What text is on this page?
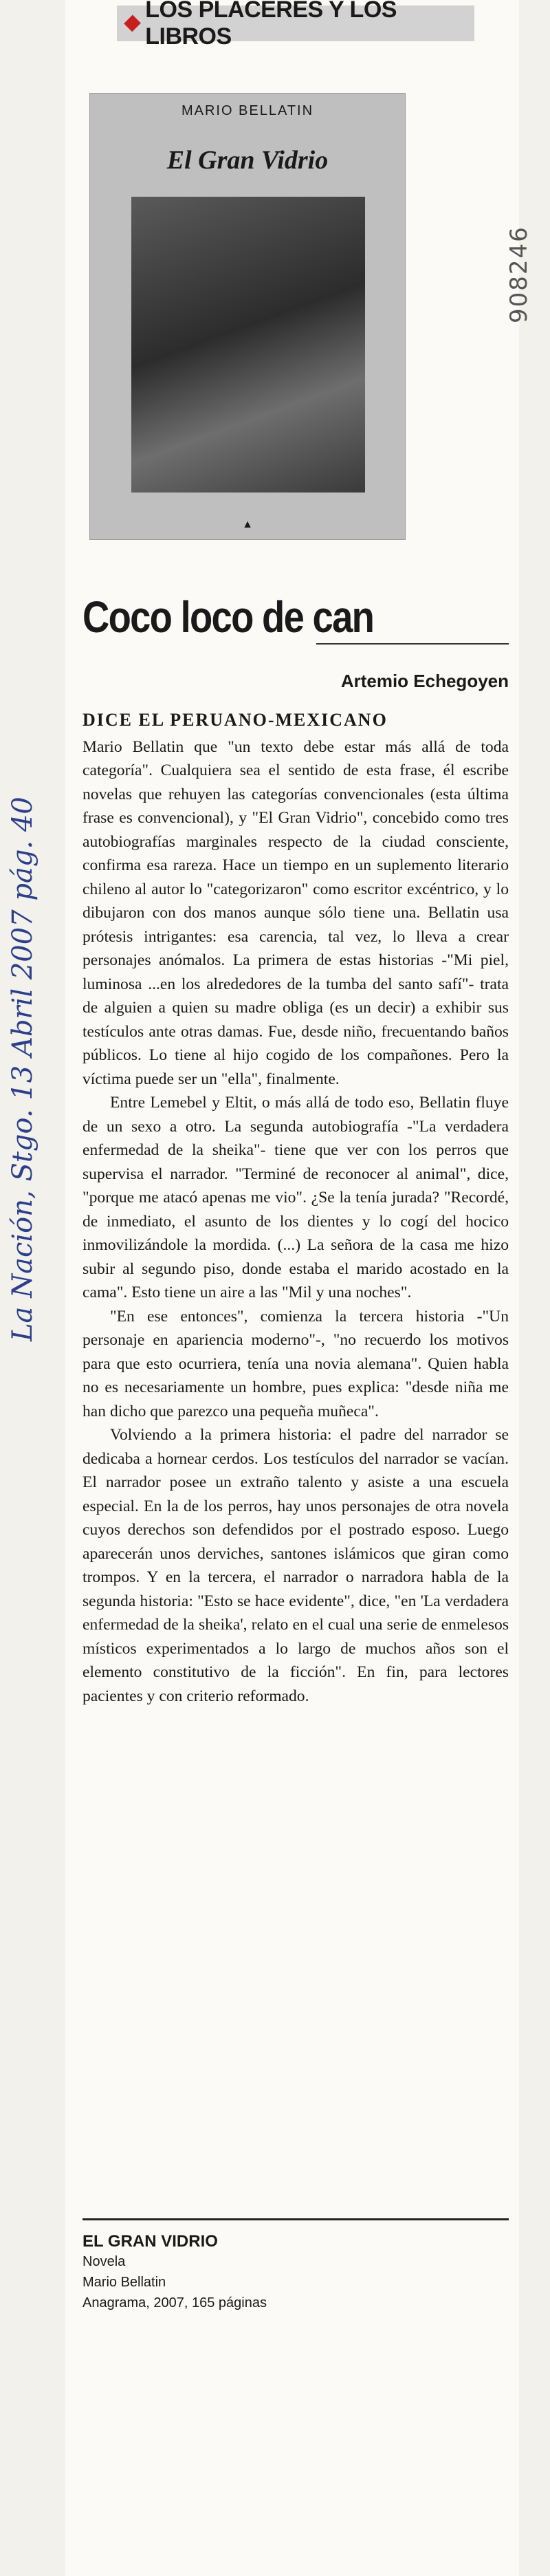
LOS PLACERES Y LOS LIBROS
MARIO BELLATIN
El Gran Vidrio
▲
Coco loco de can
Artemio Echegoyen

DICE EL PERUANO-MEXICANO
Mario Bellatin que "un texto debe estar más allá de toda categoría". Cualquiera sea el sentido de esta frase, él escribe novelas que rehuyen las categorías convencionales (esta última frase es convencional), y "El Gran Vidrio", concebido como tres autobiografías marginales respecto de la ciudad consciente, confirma esa rareza. Hace un tiempo en un suplemento literario chileno al autor lo "categorizaron" como escritor excéntrico, y lo dibujaron con dos manos aunque sólo tiene una. Bellatin usa prótesis intrigantes: esa carencia, tal vez, lo lleva a crear personajes anómalos. La primera de estas historias -"Mi piel, luminosa ...en los alrededores de la tumba del santo safí"- trata de alguien a quien su madre obliga (es un decir) a exhibir sus testículos ante otras damas. Fue, desde niño, frecuentando baños públicos. Lo tiene al hijo cogido de los compañones. Pero la víctima puede ser un "ella", finalmente.

Entre Lemebel y Eltit, o más allá de todo eso, Bellatin fluye de un sexo a otro. La segunda autobiografía -"La verdadera enfermedad de la sheika"- tiene que ver con los perros que supervisa el narrador. "Terminé de reconocer al animal", dice, "porque me atacó apenas me vio". ¿Se la tenía jurada? "Recordé, de inmediato, el asunto de los dientes y lo cogí del hocico inmovilizándole la mordida. (...) La señora de la casa me hizo subir al segundo piso, donde estaba el marido acostado en la cama". Esto tiene un aire a las "Mil y una noches".

"En ese entonces", comienza la tercera historia -"Un personaje en apariencia moderno"-, "no recuerdo los motivos para que esto ocurriera, tenía una novia alemana". Quien habla no es necesariamente un hombre, pues explica: "desde niña me han dicho que parezco una pequeña muñeca".

Volviendo a la primera historia: el padre del narrador se dedicaba a hornear cerdos. Los testículos del narrador se vacían. El narrador posee un extraño talento y asiste a una escuela especial. En la de los perros, hay unos personajes de otra novela cuyos derechos son defendidos por el postrado esposo. Luego aparecerán unos derviches, santones islámicos que giran como trompos. Y en la tercera, el narrador o narradora habla de la segunda historia: "Esto se hace evidente", dice, "en 'La verdadera enfermedad de la sheika', relato en el cual una serie de enmelesos místicos experimentados a lo largo de muchos años son el elemento constitutivo de la ficción". En fin, para lectores pacientes y con criterio reformado.

EL GRAN VIDRIO
Novela
Mario Bellatin
Anagrama, 2007, 165 páginas
La Nación, Stgo. 13 Abril 2007 pág. 40
908246
